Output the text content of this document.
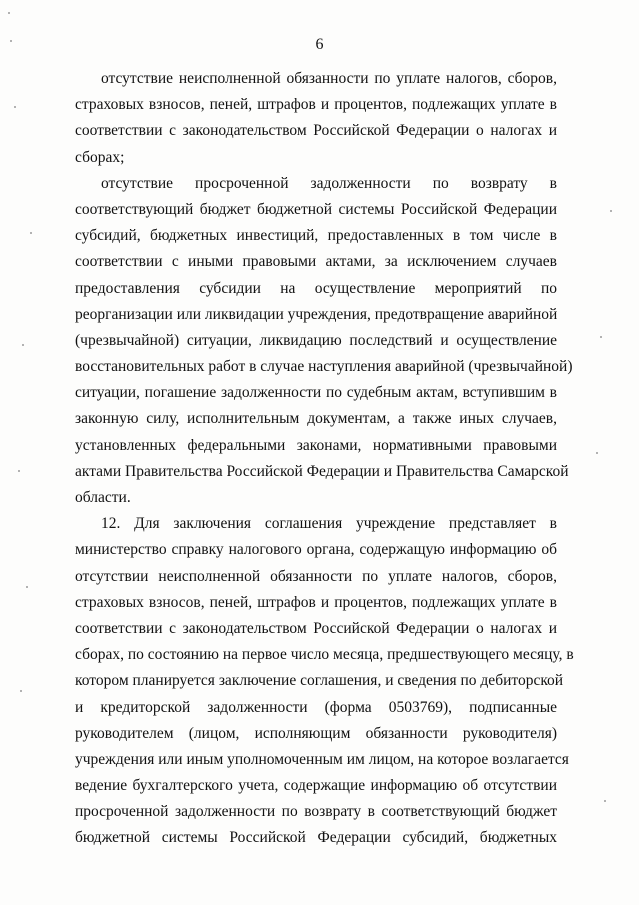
6
отсутствие неисполненной обязанности по уплате налогов, сборов,
страховых взносов, пеней, штрафов и процентов, подлежащих уплате в
соответствии с законодательством Российской Федерации о налогах и
сборах;
отсутствие просроченной задолженности по возврату в
соответствующий бюджет бюджетной системы Российской Федерации
субсидий, бюджетных инвестиций, предоставленных в том числе в
соответствии с иными правовыми актами, за исключением случаев
предоставления субсидии на осуществление мероприятий по
реорганизации или ликвидации учреждения, предотвращение аварийной
(чрезвычайной) ситуации, ликвидацию последствий и осуществление
восстановительных работ в случае наступления аварийной (чрезвычайной)
ситуации, погашение задолженности по судебным актам, вступившим в
законную силу, исполнительным документам, а также иных случаев,
установленных федеральными законами, нормативными правовыми
актами Правительства Российской Федерации и Правительства Самарской
области.
12. Для заключения соглашения учреждение представляет в
министерство справку налогового органа, содержащую информацию об
отсутствии неисполненной обязанности по уплате налогов, сборов,
страховых взносов, пеней, штрафов и процентов, подлежащих уплате в
соответствии с законодательством Российской Федерации о налогах и
сборах, по состоянию на первое число месяца, предшествующего месяцу, в
котором планируется заключение соглашения, и сведения по дебиторской
и кредиторской задолженности (форма 0503769), подписанные
руководителем (лицом, исполняющим обязанности руководителя)
учреждения или иным уполномоченным им лицом, на которое возлагается
ведение бухгалтерского учета, содержащие информацию об отсутствии
просроченной задолженности по возврату в соответствующий бюджет
бюджетной системы Российской Федерации субсидий, бюджетных
